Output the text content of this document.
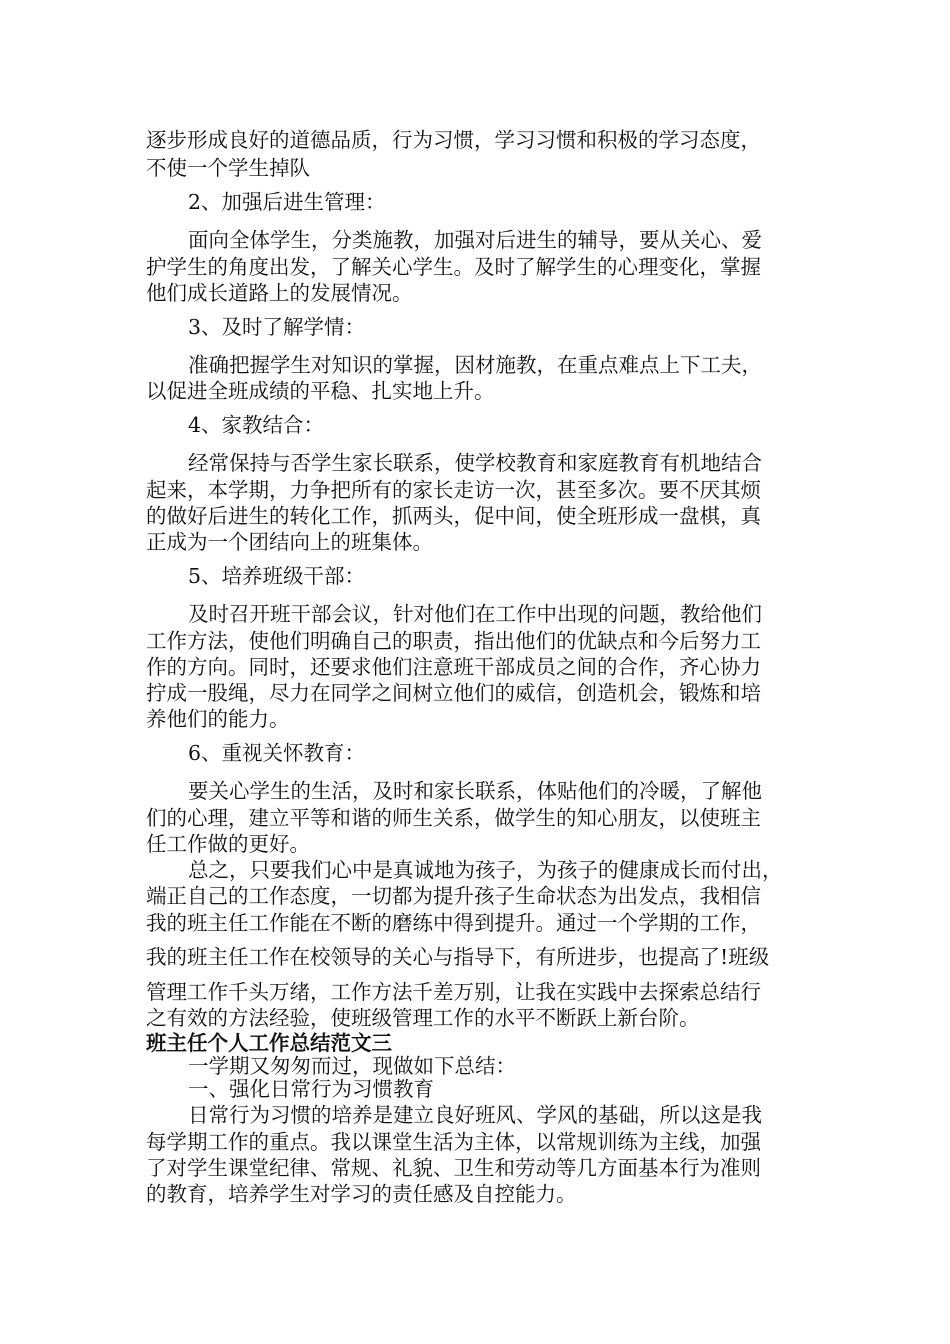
逐步形成良好的道德品质，行为习惯，学习习惯和积极的学习态度，
不使一个学生掉队
2、加强后进生管理：
面向全体学生，分类施教，加强对后进生的辅导，要从关心、爱
护学生的角度出发，了解关心学生。及时了解学生的心理变化，掌握
他们成长道路上的发展情况。
3、及时了解学情：
准确把握学生对知识的掌握，因材施教，在重点难点上下工夫，
以促进全班成绩的平稳、扎实地上升。
4、家教结合：
经常保持与否学生家长联系，使学校教育和家庭教育有机地结合
起来，本学期，力争把所有的家长走访一次，甚至多次。要不厌其烦
的做好后进生的转化工作，抓两头，促中间，使全班形成一盘棋，真
正成为一个团结向上的班集体。
5、培养班级干部：
及时召开班干部会议，针对他们在工作中出现的问题，教给他们
工作方法，使他们明确自己的职责，指出他们的优缺点和今后努力工
作的方向。同时，还要求他们注意班干部成员之间的合作，齐心协力
拧成一股绳，尽力在同学之间树立他们的威信，创造机会，锻炼和培
养他们的能力。
6、重视关怀教育：
要关心学生的生活，及时和家长联系，体贴他们的冷暖，了解他
们的心理，建立平等和谐的师生关系，做学生的知心朋友，以使班主
任工作做的更好。
总之，只要我们心中是真诚地为孩子，为孩子的健康成长而付出，
端正自己的工作态度，一切都为提升孩子生命状态为出发点，我相信
我的班主任工作能在不断的磨练中得到提升。通过一个学期的工作，
我的班主任工作在校领导的关心与指导下，有所进步，也提高了!班级
管理工作千头万绪，工作方法千差万别，让我在实践中去探索总结行
之有效的方法经验，使班级管理工作的水平不断跃上新台阶。
班主任个人工作总结范文三
一学期又匆匆而过，现做如下总结：
一、强化日常行为习惯教育
日常行为习惯的培养是建立良好班风、学风的基础，所以这是我
每学期工作的重点。我以课堂生活为主体，以常规训练为主线，加强
了对学生课堂纪律、常规、礼貌、卫生和劳动等几方面基本行为准则
的教育，培养学生对学习的责任感及自控能力。
